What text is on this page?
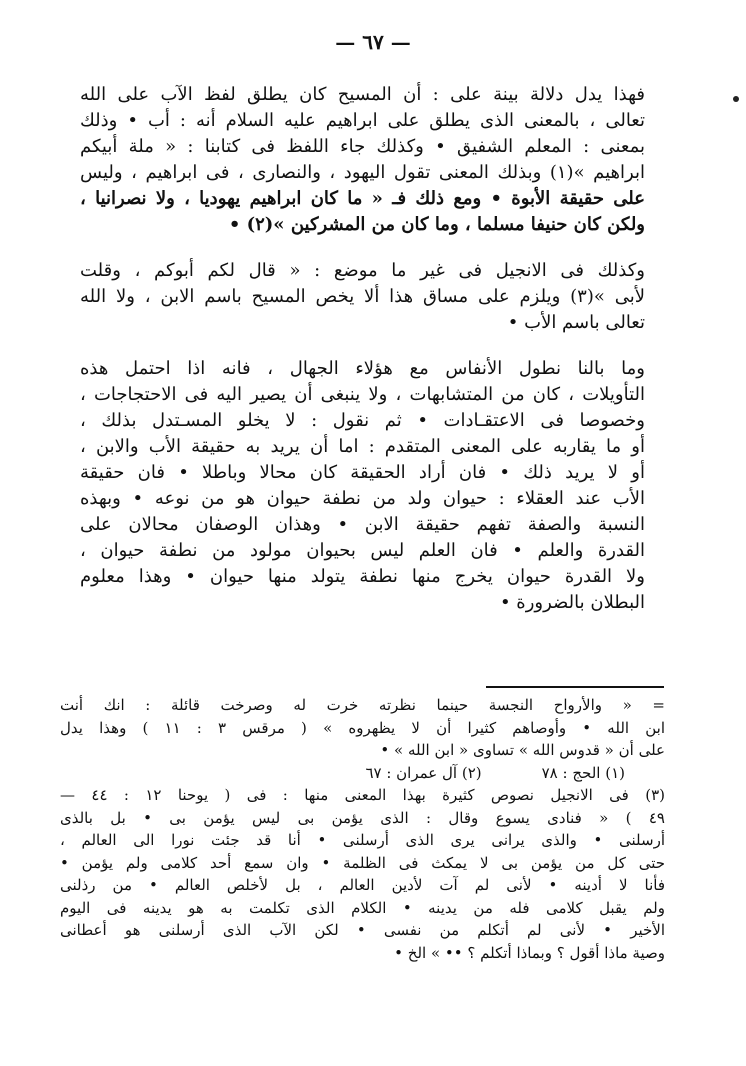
— ٦٧ —

فهذا يدل دلالة بينة على : أن المسيح كان يطلق لفظ الآب على الله
تعالى ، بالمعنى الذى يطلق على ابراهيم عليه السلام أنه : أب • وذلك
بمعنى : المعلم الشفيق • وكذلك جاء اللفظ فى كتابنا : « ملة أبيكم
ابراهيم »(١) وبذلك المعنى تقول اليهود ، والنصارى ، فى ابراهيم ، وليس
على حقيقة الأبوة • ومع ذلك فـ « ما كان ابراهيم يهوديا ، ولا نصرانيا ،
ولكن كان حنيفا مسلما ، وما كان من المشركين »(٢) •

وكذلك فى الانجيل فى غير ما موضع : « قال لكم أبوكم ، وقلت
لأبى »(٣) ويلزم على مساق هذا ألا يخص المسيح باسم الابن ، ولا الله
تعالى باسم الأب •

وما بالنا نطول الأنفاس مع هؤلاء الجهال ، فانه اذا احتمل هذه
التأويلات ، كان من المتشابهات ، ولا ينبغى أن يصير اليه فى الاحتجاجات ،
وخصوصا فى الاعتقـادات • ثم نقول : لا يخلو المسـتدل بذلك ،
أو ما يقاربه على المعنى المتقدم : اما أن يريد به حقيقة الأب والابن ،
أو لا يريد ذلك • فان أراد الحقيقة كان محالا وباطلا • فان حقيقة
الأب عند العقلاء : حيوان ولد من نطفة حيوان هو من نوعه • وبهذه
النسبة والصفة تفهم حقيقة الابن • وهذان الوصفان محالان على
القدرة والعلم • فان العلم ليس بحيوان مولود من نطفة حيوان ،
ولا القدرة حيوان يخرج منها نطفة يتولد منها حيوان • وهذا معلوم
البطلان بالضرورة •

= « والأرواح النجسة حينما نظرته خرت له وصرخت قائلة : انك أنت
ابن الله • وأوصاهم كثيرا أن لا يظهروه » ( مرقس ٣ : ١١ ) وهذا يدل
على أن « قدوس الله » تساوى « ابن الله » •
(١) الحج : ٧٨
(٢) آل عمران : ٦٧
(٣) فى الانجيل نصوص كثيرة بهذا المعنى منها : فى ( يوحنا ١٢ : ٤٤ —
٤٩ ) « فنادى يسوع وقال : الذى يؤمن بى ليس يؤمن بى • بل بالذى
أرسلنى • والذى يرانى يرى الذى أرسلنى • أنا قد جئت نورا الى العالم ،
حتى كل من يؤمن بى لا يمكث فى الظلمة • وان سمع أحد كلامى ولم يؤمن •
فأنا لا أدينه • لأنى لم آت لأدين العالم ، بل لأخلص العالم • من رذلنى
ولم يقبل كلامى فله من يدينه • الكلام الذى تكلمت به هو يدينه فى اليوم
الأخير • لأنى لم أتكلم من نفسى • لكن الآب الذى أرسلنى هو أعطانى
وصية ماذا أقول ؟ وبماذا أتكلم ؟ •• » الخ •
